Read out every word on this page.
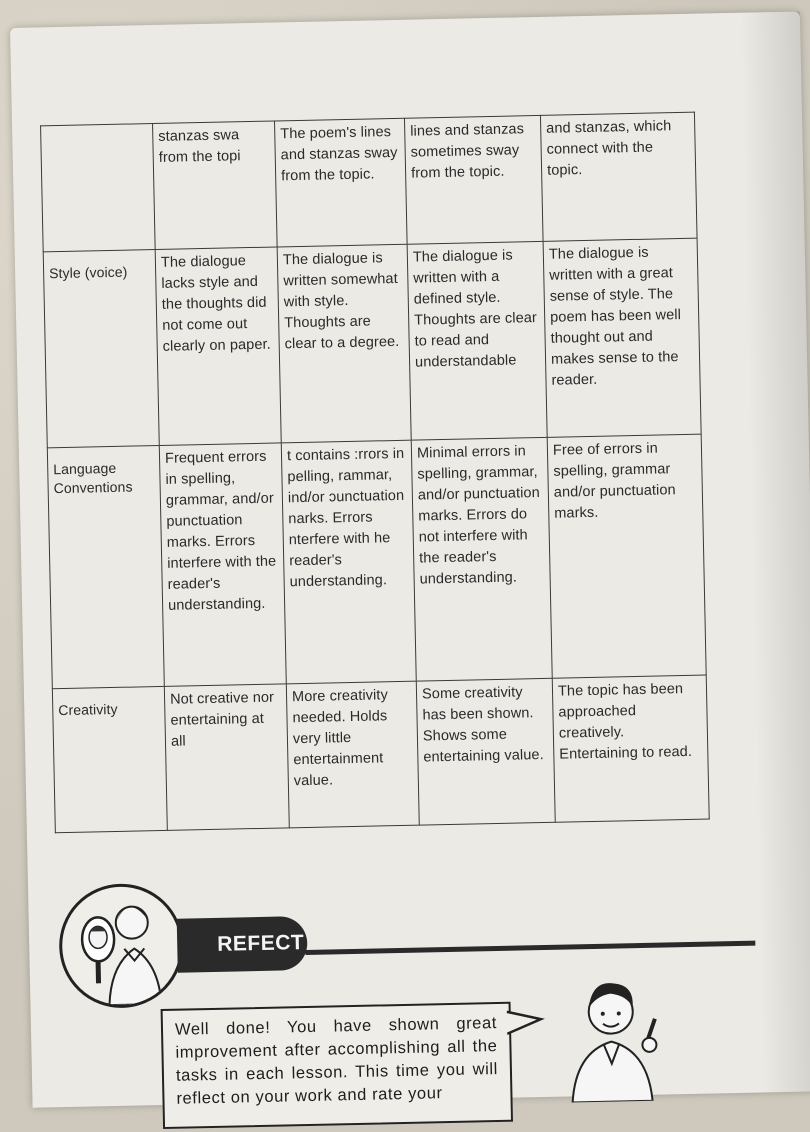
	stanzas swa from the topi	The poem's lines and stanzas sway from the topic.	lines and stanzas sometimes sway from the topic.	and stanzas, which connect with the topic.
Style (voice)	The dialogue lacks style and the thoughts did not come out clearly on paper.	The dialogue is written somewhat with style. Thoughts are clear to a degree.	The dialogue is written with a defined style. Thoughts are clear to read and understandable	The dialogue is written with a great sense of style. The poem has been well thought out and makes sense to the reader.
Language Conventions	Frequent errors in spelling, grammar, and/or punctuation marks. Errors interfere with the reader's understanding.	t contains :rrors in pelling, rammar, ind/or ɔunctuation narks. Errors nterfere with he reader's understanding.	Minimal errors in spelling, grammar, and/or punctuation marks. Errors do not interfere with the reader's understanding.	Free of errors in spelling, grammar and/or punctuation marks.
Creativity	Not creative nor entertaining at all	More creativity needed. Holds very little entertainment value.	Some creativity has been shown. Shows some entertaining value.	The topic has been approached creatively. Entertaining to read.
REFECT
Well done! You have shown great improvement after accomplishing all the tasks in each lesson. This time you will reflect on your work and rate your
